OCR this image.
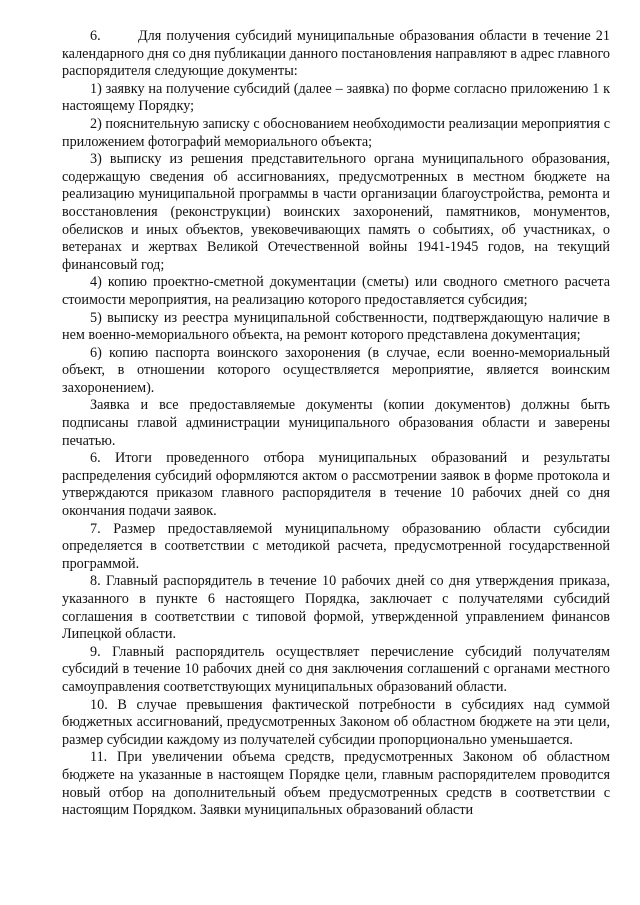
6.	Для получения субсидий муниципальные образования области в течение 21 календарного дня со дня публикации данного постановления направляют в адрес главного распорядителя следующие документы:

1) заявку на получение субсидий (далее – заявка) по форме согласно приложению 1 к настоящему Порядку;

2) пояснительную записку с обоснованием необходимости реализации мероприятия с приложением фотографий мемориального объекта;

3) выписку из решения представительного органа муниципального образования, содержащую сведения об ассигнованиях, предусмотренных в местном бюджете на реализацию муниципальной программы в части организации благоустройства, ремонта и восстановления (реконструкции) воинских захоронений, памятников, монументов, обелисков и иных объектов, увековечивающих память о событиях, об участниках, о ветеранах и жертвах Великой Отечественной войны 1941-1945 годов, на текущий финансовый год;

4) копию проектно-сметной документации (сметы) или сводного сметного расчета стоимости мероприятия, на реализацию которого предоставляется субсидия;

5) выписку из реестра муниципальной собственности, подтверждающую наличие в нем военно-мемориального объекта, на ремонт которого представлена документация;

6) копию паспорта воинского захоронения (в случае, если военно-мемориальный объект, в отношении которого осуществляется мероприятие, является воинским захоронением).

Заявка и все предоставляемые документы (копии документов) должны быть подписаны главой администрации муниципального образования области и заверены печатью.

6. Итоги проведенного отбора муниципальных образований и результаты распределения субсидий оформляются актом о рассмотрении заявок в форме протокола и утверждаются приказом главного распорядителя в течение 10 рабочих дней со дня окончания подачи заявок.

7. Размер предоставляемой муниципальному образованию области субсидии определяется в соответствии с методикой расчета, предусмотренной государственной программой.

8. Главный распорядитель в течение 10 рабочих дней со дня утверждения приказа, указанного в пункте 6 настоящего Порядка, заключает с получателями субсидий соглашения в соответствии с типовой формой, утвержденной управлением финансов Липецкой области.

9. Главный распорядитель осуществляет перечисление субсидий получателям субсидий в течение 10 рабочих дней со дня заключения соглашений с органами местного самоуправления соответствующих муниципальных образований области.

10. В случае превышения фактической потребности в субсидиях над суммой бюджетных ассигнований, предусмотренных Законом об областном бюджете на эти цели, размер субсидии каждому из получателей субсидии пропорционально уменьшается.

11. При увеличении объема средств, предусмотренных Законом об областном бюджете на указанные в настоящем Порядке цели, главным распорядителем проводится новый отбор на дополнительный объем предусмотренных средств в соответствии с настоящим Порядком. Заявки муниципальных образований области
